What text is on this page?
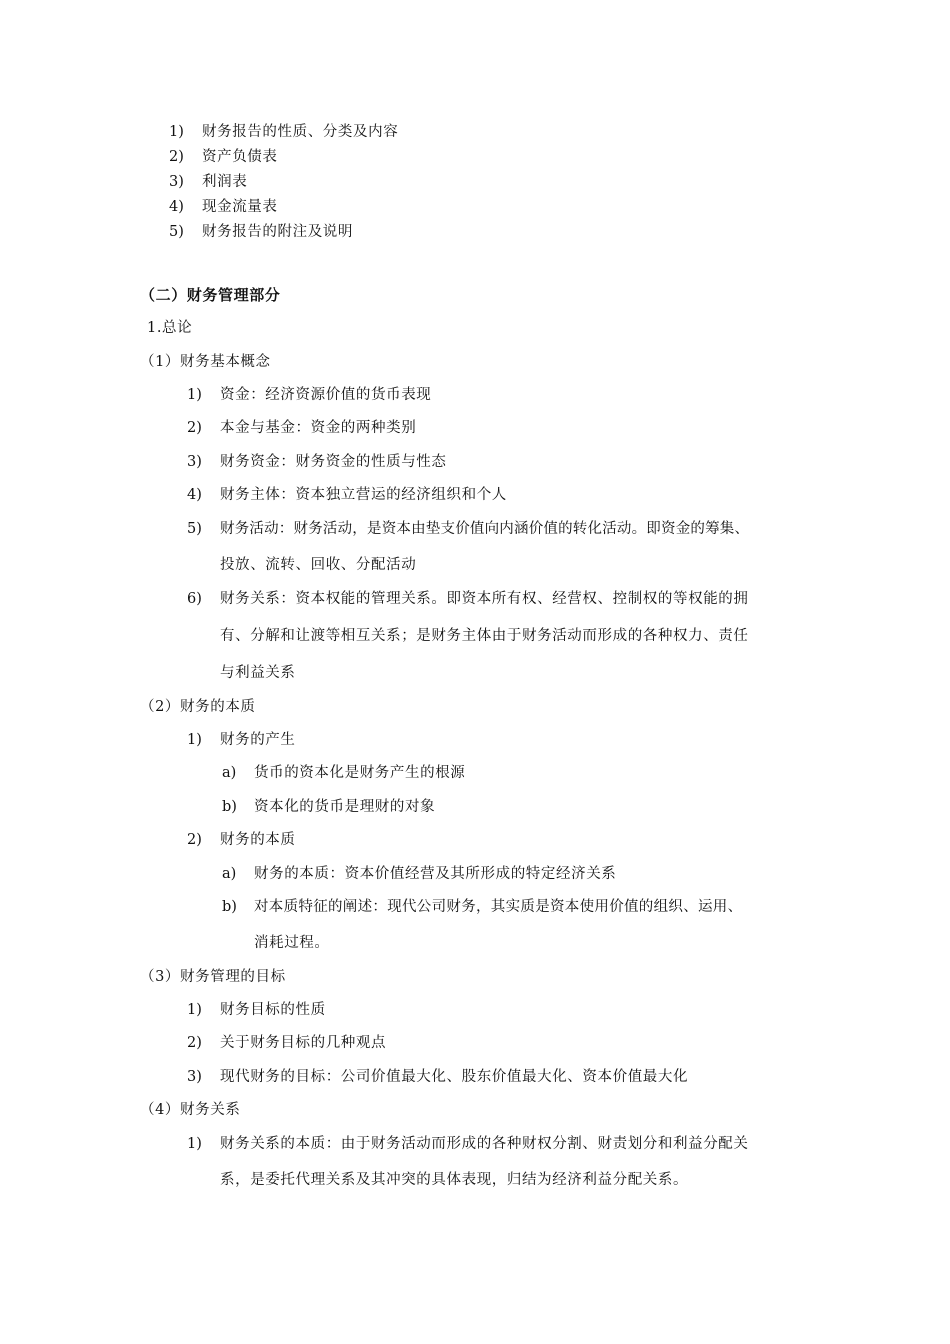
1) 财务报告的性质、分类及内容
2) 资产负债表
3) 利润表
4) 现金流量表
5) 财务报告的附注及说明
（二）财务管理部分
1.总论
（1）财务基本概念
1) 资金：经济资源价值的货币表现
2) 本金与基金：资金的两种类别
3) 财务资金：财务资金的性质与性态
4) 财务主体：资本独立营运的经济组织和个人
5) 财务活动：财务活动，是资本由垫支价值向内涵价值的转化活动。即资金的筹集、
投放、流转、回收、分配活动
6) 财务关系：资本权能的管理关系。即资本所有权、经营权、控制权的等权能的拥
有、分解和让渡等相互关系；是财务主体由于财务活动而形成的各种权力、责任
与利益关系
（2）财务的本质
1) 财务的产生
a) 货币的资本化是财务产生的根源
b) 资本化的货币是理财的对象
2) 财务的本质
a) 财务的本质：资本价值经营及其所形成的特定经济关系
b) 对本质特征的阐述：现代公司财务，其实质是资本使用价值的组织、运用、
消耗过程。
（3）财务管理的目标
1) 财务目标的性质
2) 关于财务目标的几种观点
3) 现代财务的目标：公司价值最大化、股东价值最大化、资本价值最大化
（4）财务关系
1) 财务关系的本质：由于财务活动而形成的各种财权分割、财责划分和利益分配关
系，是委托代理关系及其冲突的具体表现，归结为经济利益分配关系。
